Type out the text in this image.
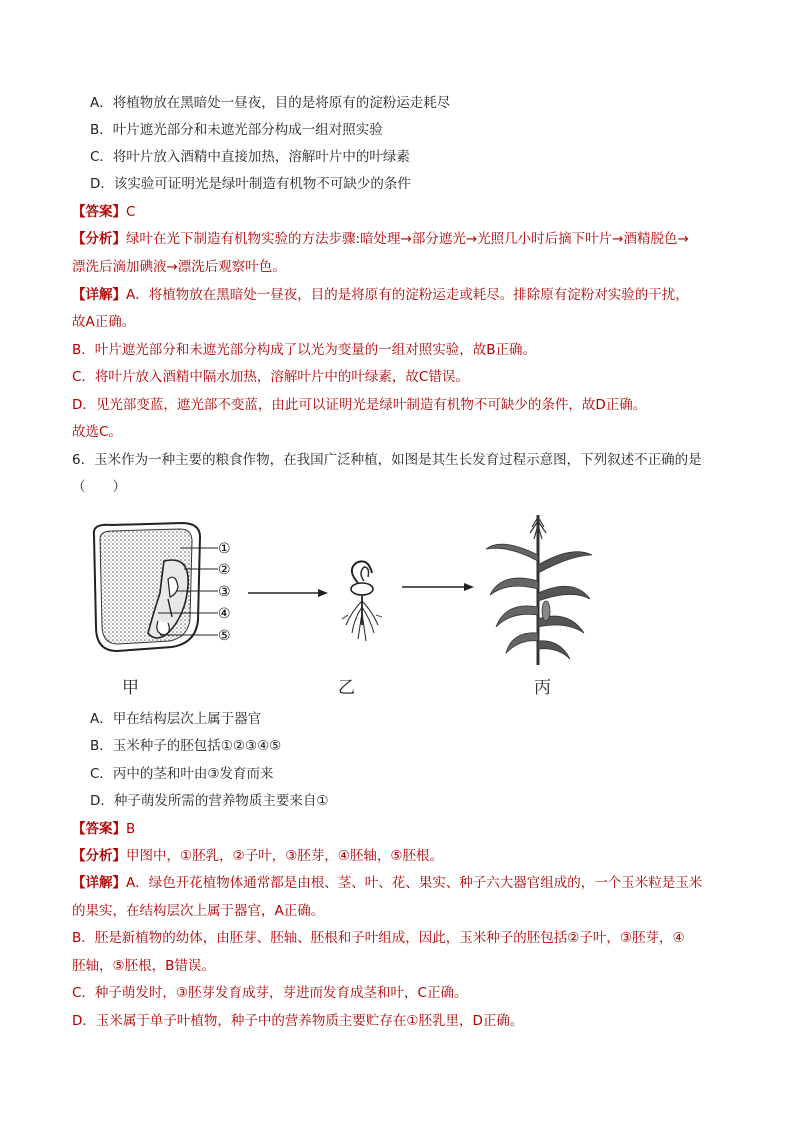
A．将植物放在黑暗处一昼夜，目的是将原有的淀粉运走耗尽
B．叶片遮光部分和未遮光部分构成一组对照实验
C．将叶片放入酒精中直接加热，溶解叶片中的叶绿素
D．该实验可证明光是绿叶制造有机物不可缺少的条件
【答案】C
【分析】绿叶在光下制造有机物实验的方法步骤:暗处理→部分遮光→光照几小时后摘下叶片→酒精脱色→
漂洗后滴加碘液→漂洗后观察叶色。
【详解】A．将植物放在黑暗处一昼夜，目的是将原有的淀粉运走或耗尽。排除原有淀粉对实验的干扰，
故A正确。
B．叶片遮光部分和未遮光部分构成了以光为变量的一组对照实验，故B正确。
C．将叶片放入酒精中隔水加热，溶解叶片中的叶绿素，故C错误。
D．见光部变蓝，遮光部不变蓝，由此可以证明光是绿叶制造有机物不可缺少的条件，故D正确。
故选C。
6．玉米作为一种主要的粮食作物，在我国广泛种植，如图是其生长发育过程示意图，下列叙述不正确的是
（　　）
①
②
③
④
⑤
甲	乙	丙
A．甲在结构层次上属于器官
B．玉米种子的胚包括①②③④⑤
C．丙中的茎和叶由③发育而来
D．种子萌发所需的营养物质主要来自①
【答案】B
【分析】甲图中，①胚乳，②子叶，③胚芽，④胚轴，⑤胚根。
【详解】A．绿色开花植物体通常都是由根、茎、叶、花、果实、种子六大器官组成的，一个玉米粒是玉米
的果实，在结构层次上属于器官，A正确。
B．胚是新植物的幼体，由胚芽、胚轴、胚根和子叶组成，因此，玉米种子的胚包括②子叶，③胚芽，④
胚轴，⑤胚根，B错误。
C．种子萌发时，③胚芽发育成芽，芽进而发育成茎和叶，C正确。
D．玉米属于单子叶植物，种子中的营养物质主要贮存在①胚乳里，D正确。
